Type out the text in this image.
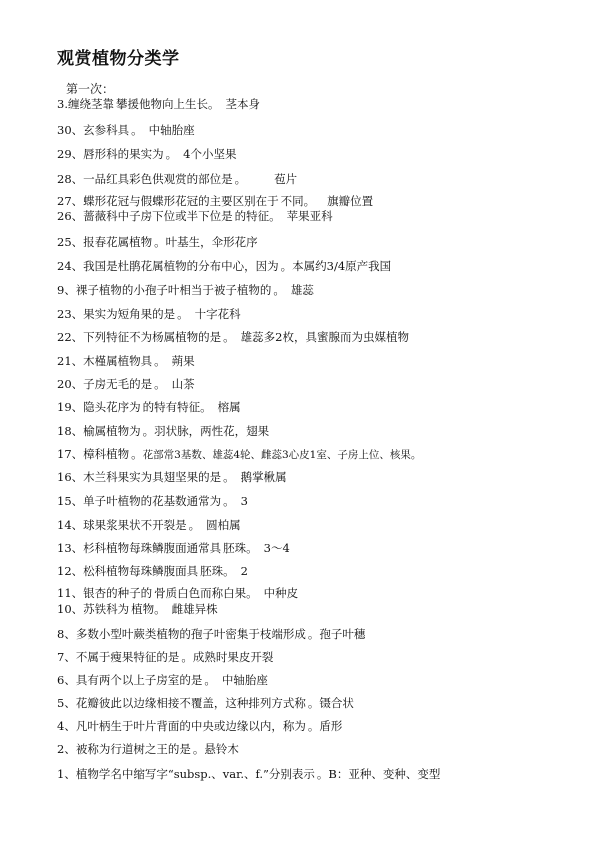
观赏植物分类学
第一次：
3.缠绕茎靠 攀援他物向上生长。 茎本身
30、玄参科具 。 中轴胎座
29、唇形科的果实为 。 4个小坚果
28、一品红具彩色供观赏的部位是 。 苞片
27、蝶形花冠与假蝶形花冠的主要区别在于 不同。 旗瓣位置
26、蔷薇科中子房下位或半下位是 的特征。 苹果亚科
25、报春花属植物 。叶基生，伞形花序
24、我国是杜鹃花属植物的分布中心，因为 。本属约3/4原产我国
9、裸子植物的小孢子叶相当于被子植物的 。 雄蕊
23、果实为短角果的是 。 十字花科
22、下列特征不为杨属植物的是 。 雄蕊多2枚，具蜜腺而为虫媒植物
21、木槿属植物具 。 蒴果
20、子房无毛的是 。 山茶
19、隐头花序为 的特有特征。 榕属
18、榆属植物为 。羽状脉，两性花，翅果
17、樟科植物 。花部常3基数、雄蕊4轮、雌蕊3心皮1室、子房上位、核果。
16、木兰科果实为具翅坚果的是 。 鹅掌楸属
15、单子叶植物的花基数通常为 。 3
14、球果浆果状不开裂是 。 圆柏属
13、杉科植物每珠鳞腹面通常具 胚珠。 3～4
12、松科植物每珠鳞腹面具 胚珠。 2
11、银杏的种子的 骨质白色而称白果。 中种皮
10、苏铁科为 植物。 雌雄异株
8、多数小型叶蕨类植物的孢子叶密集于枝端形成 。孢子叶穗
7、不属于瘦果特征的是 。成熟时果皮开裂
6、具有两个以上子房室的是 。 中轴胎座
5、花瓣彼此以边缘相接不覆盖，这种排列方式称 。镊合状
4、凡叶柄生于叶片背面的中央或边缘以内，称为 。盾形
2、被称为行道树之王的是 。悬铃木
1、植物学名中缩写字“subsp.、var.、f.”分别表示 。B：亚种、变种、变型
